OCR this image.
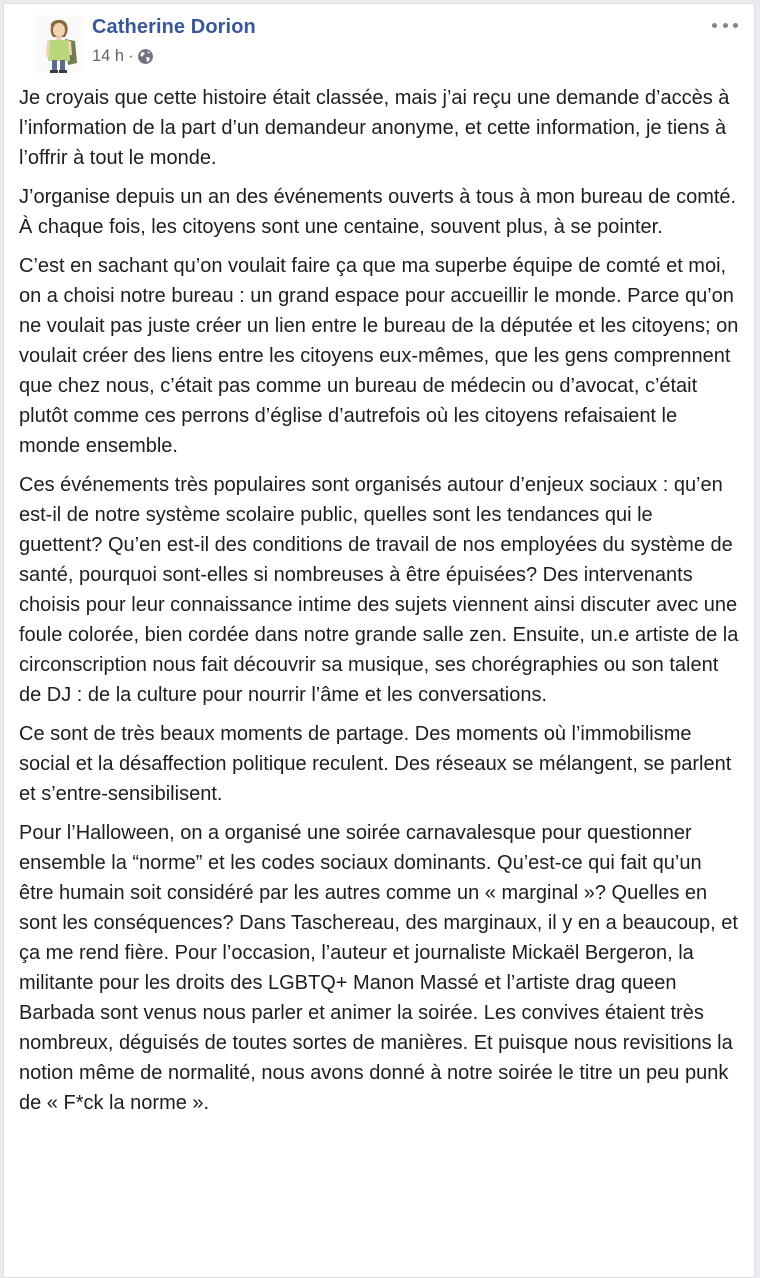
Catherine Dorion
14 h ·

Je croyais que cette histoire était classée, mais j’ai reçu une demande d’accès à l’information de la part d’un demandeur anonyme, et cette information, je tiens à l’offrir à tout le monde.

J’organise depuis un an des événements ouverts à tous à mon bureau de comté. À chaque fois, les citoyens sont une centaine, souvent plus, à se pointer.

C’est en sachant qu’on voulait faire ça que ma superbe équipe de comté et moi, on a choisi notre bureau : un grand espace pour accueillir le monde. Parce qu’on ne voulait pas juste créer un lien entre le bureau de la députée et les citoyens; on voulait créer des liens entre les citoyens eux-mêmes, que les gens comprennent que chez nous, c’était pas comme un bureau de médecin ou d’avocat, c’était plutôt comme ces perrons d’église d’autrefois où les citoyens refaisaient le monde ensemble.

Ces événements très populaires sont organisés autour d’enjeux sociaux : qu’en est-il de notre système scolaire public, quelles sont les tendances qui le guettent? Qu’en est-il des conditions de travail de nos employées du système de santé, pourquoi sont-elles si nombreuses à être épuisées? Des intervenants choisis pour leur connaissance intime des sujets viennent ainsi discuter avec une foule colorée, bien cordée dans notre grande salle zen. Ensuite, un.e artiste de la circonscription nous fait découvrir sa musique, ses chorégraphies ou son talent de DJ : de la culture pour nourrir l’âme et les conversations.

Ce sont de très beaux moments de partage. Des moments où l’immobilisme social et la désaffection politique reculent. Des réseaux se mélangent, se parlent et s’entre-sensibilisent.

Pour l’Halloween, on a organisé une soirée carnavalesque pour questionner ensemble la “norme” et les codes sociaux dominants. Qu’est-ce qui fait qu’un être humain soit considéré par les autres comme un « marginal »? Quelles en sont les conséquences? Dans Taschereau, des marginaux, il y en a beaucoup, et ça me rend fière. Pour l’occasion, l’auteur et journaliste Mickaël Bergeron, la militante pour les droits des LGBTQ+ Manon Massé et l’artiste drag queen Barbada sont venus nous parler et animer la soirée. Les convives étaient très nombreux, déguisés de toutes sortes de manières. Et puisque nous revisitions la notion même de normalité, nous avons donné à notre soirée le titre un peu punk de « F*ck la norme ».
